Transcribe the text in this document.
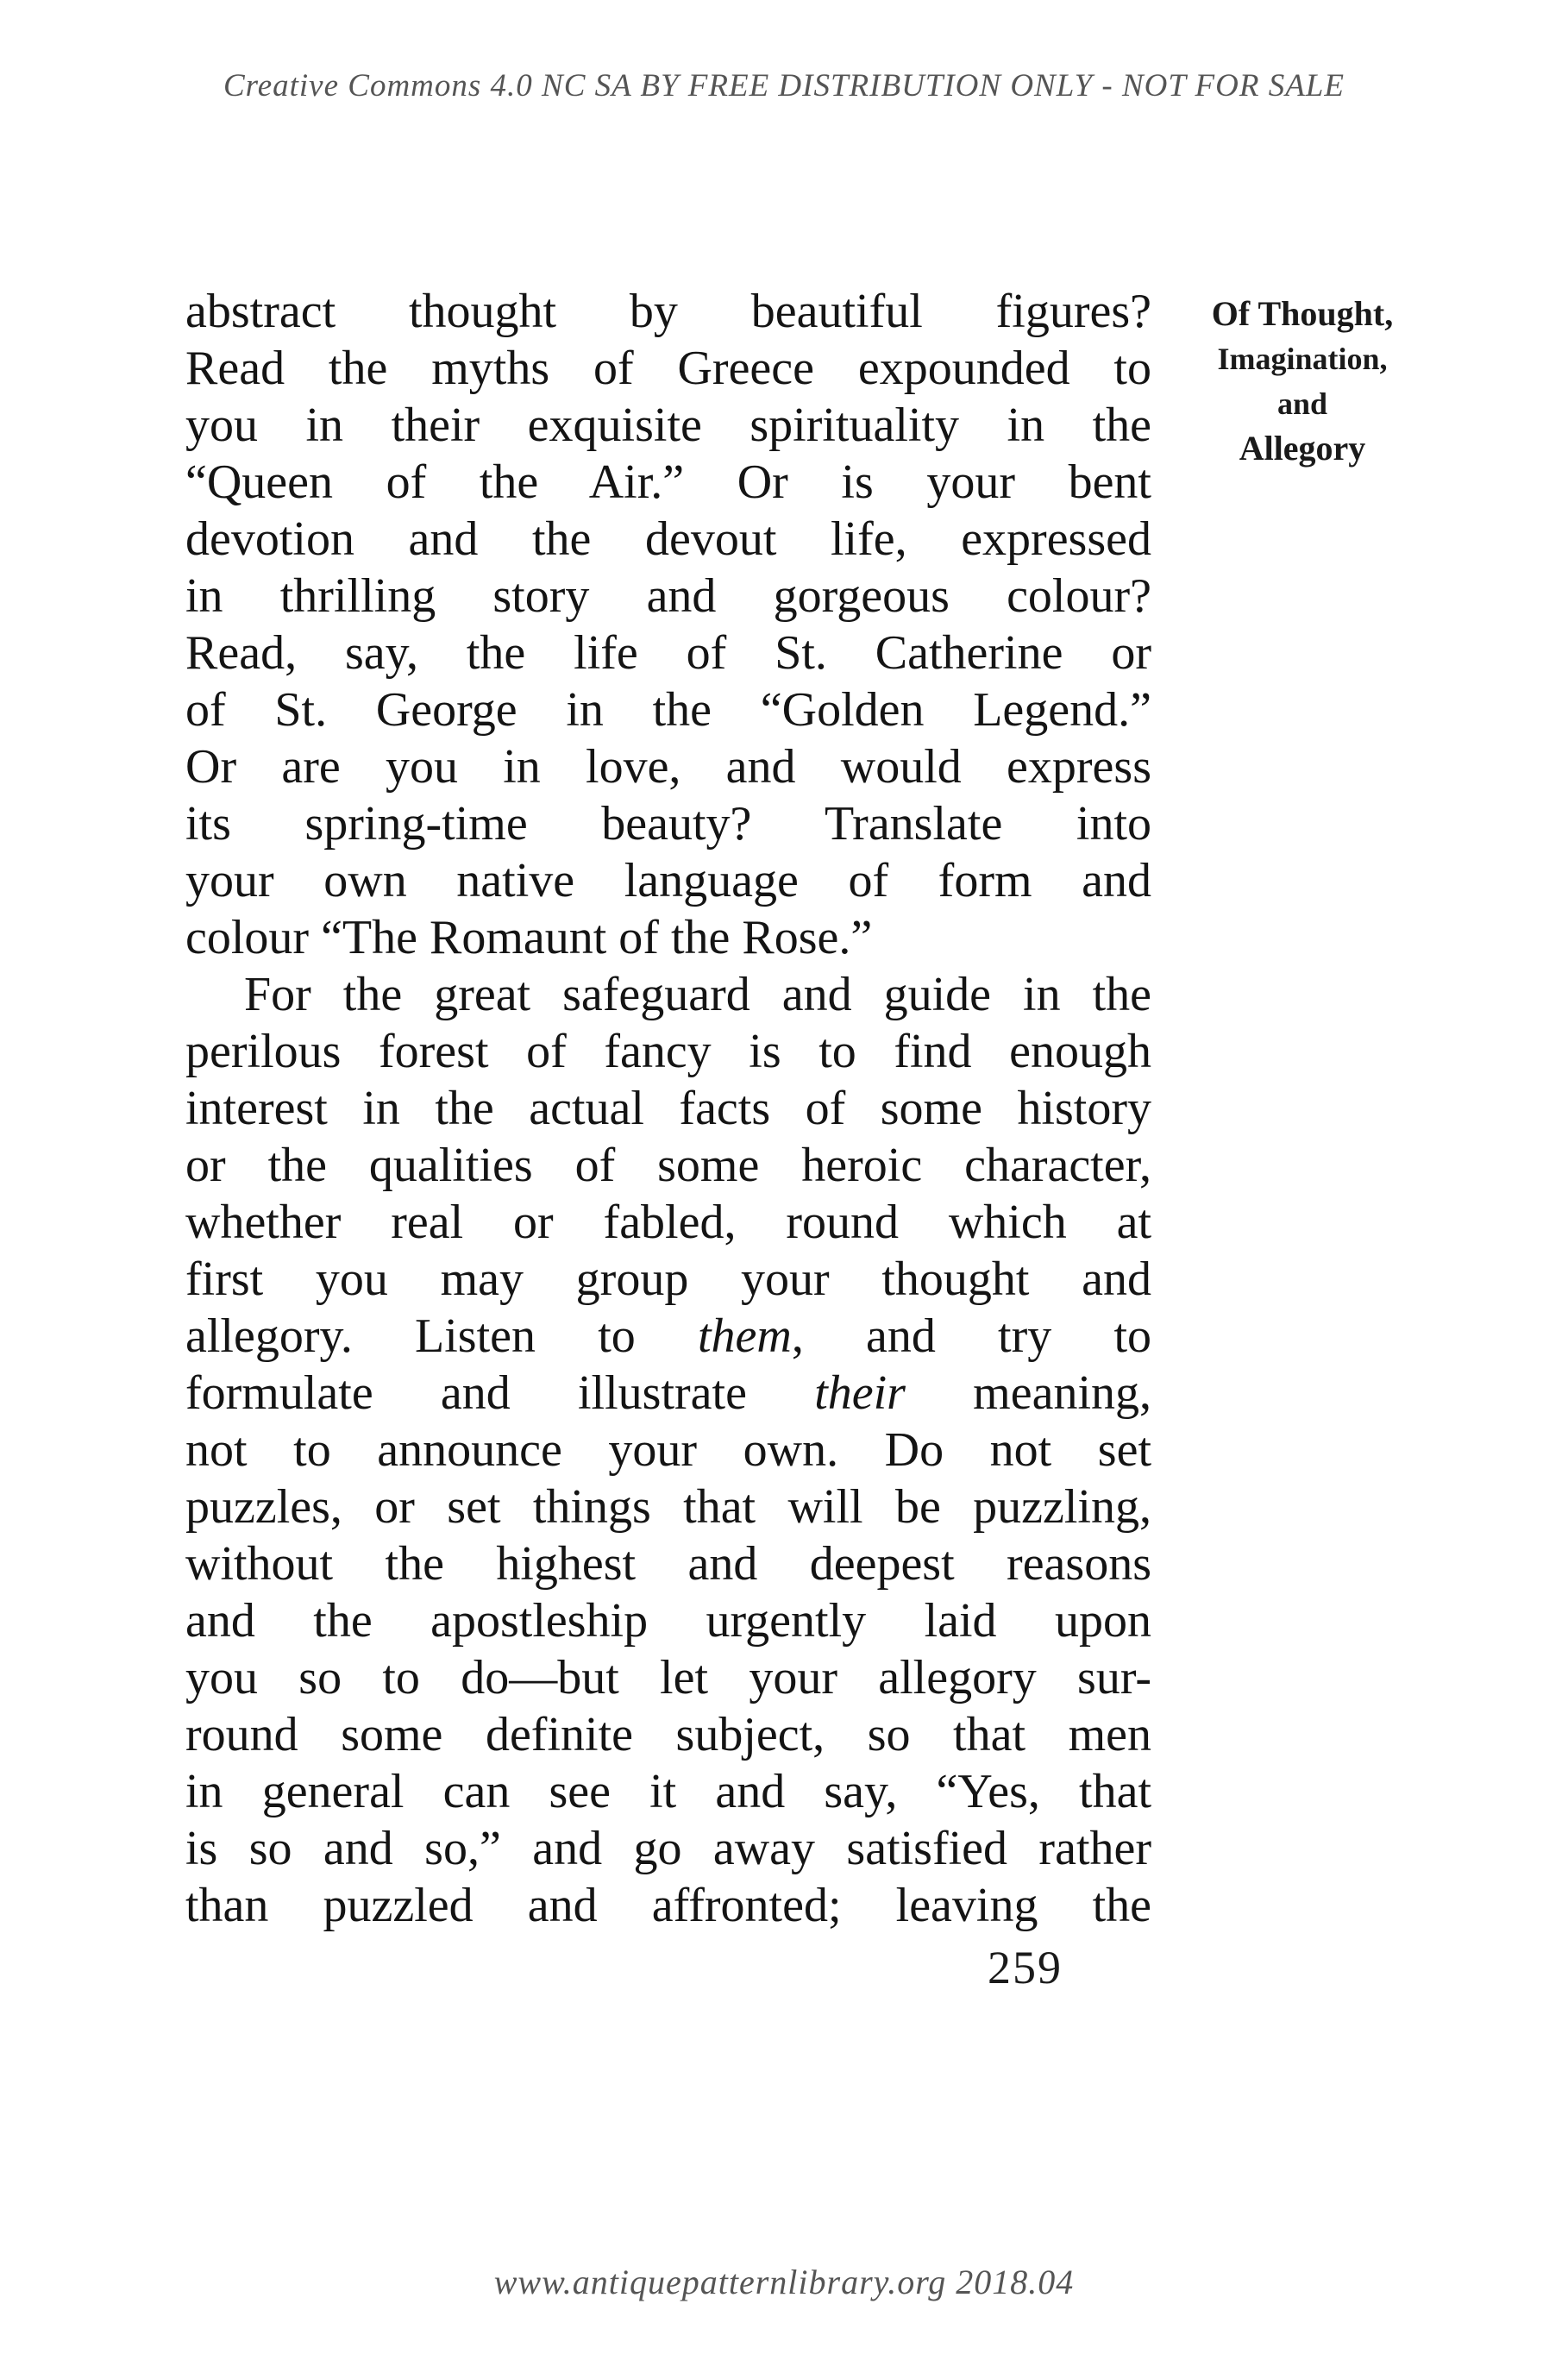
Creative Commons 4.0 NC SA BY FREE DISTRIBUTION ONLY - NOT FOR SALE

abstract thought by beautiful figures?
Read the myths of Greece expounded to
you in their exquisite spirituality in the
“Queen of the Air.” Or is your bent
devotion and the devout life, expressed
in thrilling story and gorgeous colour?
Read, say, the life of St. Catherine or
of St. George in the “Golden Legend.”
Or are you in love, and would express
its spring-time beauty? Translate into
your own native language of form and
colour “The Romaunt of the Rose.”

For the great safeguard and guide in the
perilous forest of fancy is to find enough
interest in the actual facts of some history
or the qualities of some heroic character,
whether real or fabled, round which at
first you may group your thought and
allegory. Listen to them, and try to
formulate and illustrate their meaning,
not to announce your own. Do not set
puzzles, or set things that will be puzzling,
without the highest and deepest reasons
and the apostleship urgently laid upon
you so to do—but let your allegory sur-
round some definite subject, so that men
in general can see it and say, “Yes, that
is so and so,” and go away satisfied rather
than puzzled and affronted; leaving the

Of Thought,
Imagination,
and
Allegory
259
www.antiquepatternlibrary.org 2018.04
